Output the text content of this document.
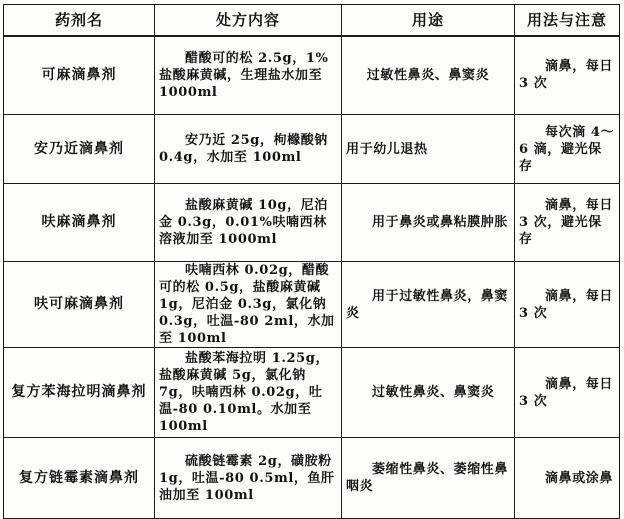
药剂名	处方内容	用途	用法与注意
可麻滴鼻剂	醋酸可的松 2.5g，1%盐酸麻黄碱，生理盐水加至 1000ml	过敏性鼻炎、鼻窦炎	滴鼻，每日 3 次
安乃近滴鼻剂	安乃近 25g，枸橼酸钠 0.4g，水加至 100ml	用于幼儿退热	每次滴 4～6 滴，避光保存
呋麻滴鼻剂	盐酸麻黄碱 10g，尼泊金 0.3g，0.01%呋喃西林溶液加至 1000ml	用于鼻炎或鼻粘膜肿胀	滴鼻，每日 3 次，避光保存
呋可麻滴鼻剂	呋喃西林 0.02g，醋酸可的松 0.5g，盐酸麻黄碱 1g，尼泊金 0.3g，氯化钠 0.3g，吐温-80 2ml，水加至 100ml	用于过敏性鼻炎，鼻窦炎	滴鼻，每日 3 次
复方苯海拉明滴鼻剂	盐酸苯海拉明 1.25g，盐酸麻黄碱 5g，氯化钠 7g，呋喃西林 0.02g，吐温-80 0.10ml。水加至 100ml	过敏性鼻炎、鼻窦炎	滴鼻，每日 3 次
复方链霉素滴鼻剂	硫酸链霉素 2g，磺胺粉 1g，吐温-80 0.5ml，鱼肝油加至 100ml	萎缩性鼻炎、萎缩性鼻咽炎	滴鼻或涂鼻
